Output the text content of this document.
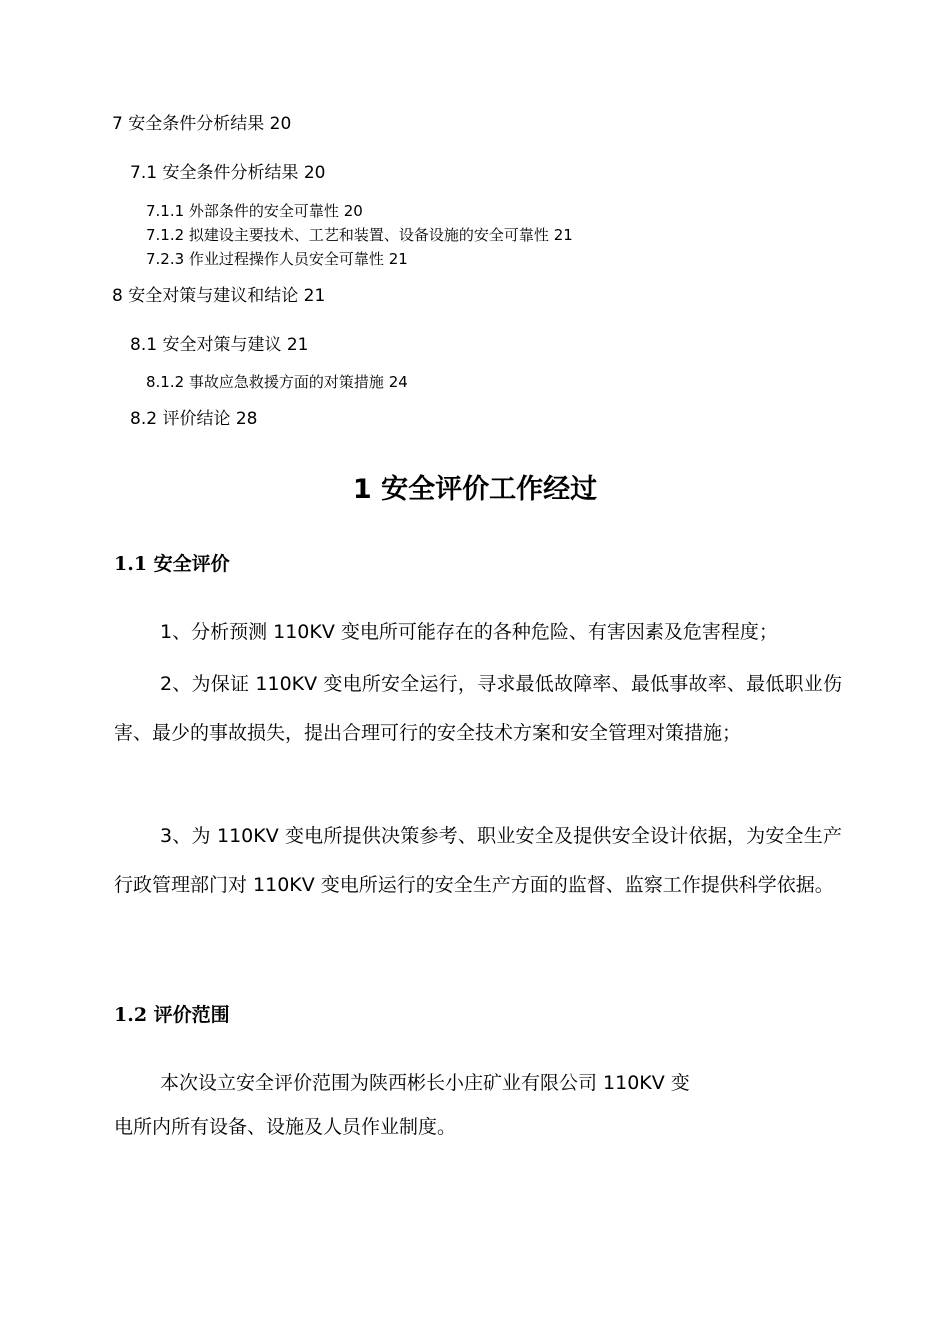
7 安全条件分析结果 20
7.1 安全条件分析结果 20
7.1.1 外部条件的安全可靠性 20
7.1.2 拟建设主要技术、工艺和装置、设备设施的安全可靠性 21
7.2.3 作业过程操作人员安全可靠性 21
8 安全对策与建议和结论 21
8.1 安全对策与建议 21
8.1.2 事故应急救援方面的对策措施 24
8.2 评价结论 28
1 安全评价工作经过
1.1 安全评价

1、分析预测 110KV 变电所可能存在的各种危险、有害因素及危害程度；

2、为保证 110KV 变电所安全运行，寻求最低故障率、最低事故率、最低职业伤害、最少的事故损失，提出合理可行的安全技术方案和安全管理对策措施；

3、为 110KV 变电所提供决策参考、职业安全及提供安全设计依据，为安全生产行政管理部门对 110KV 变电所运行的安全生产方面的监督、监察工作提供科学依据。

1.2 评价范围

本次设立安全评价范围为陕西彬长小庄矿业有限公司 110KV 变

电所内所有设备、设施及人员作业制度。
